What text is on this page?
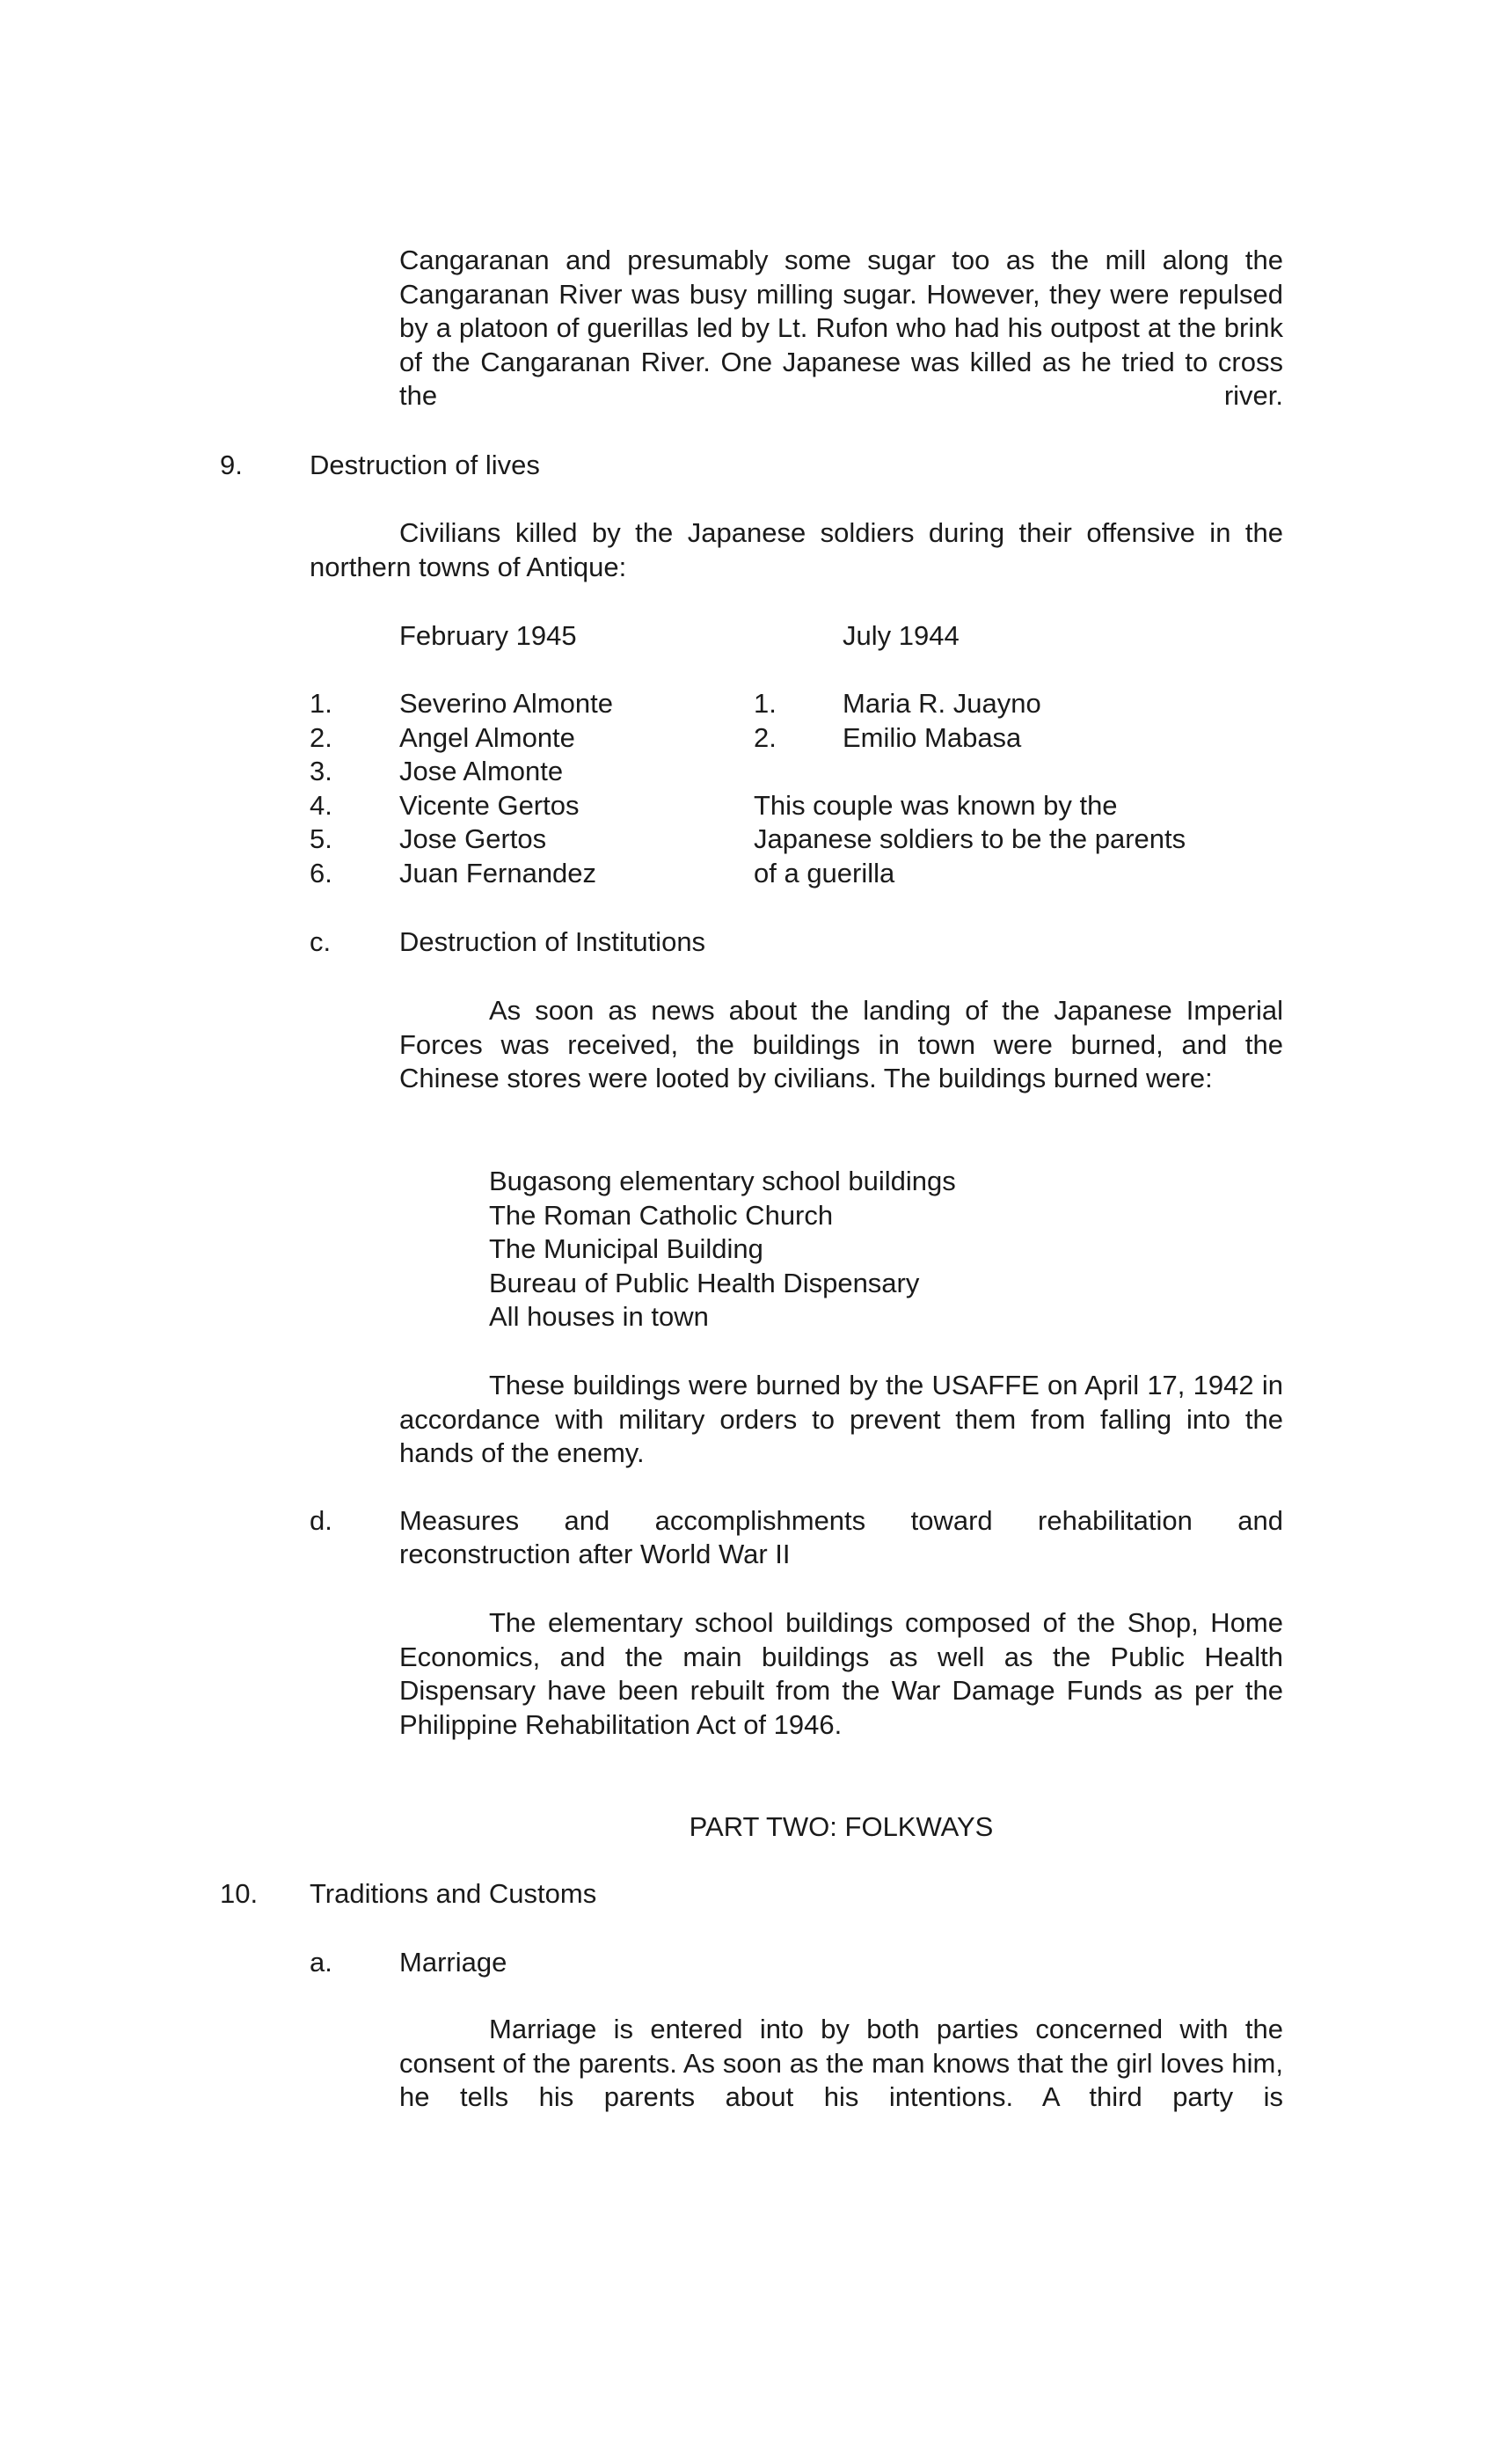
Cangaranan and presumably some sugar too as the mill along the Cangaranan River was busy milling sugar. However, they were repulsed by a platoon of guerillas led by Lt. Rufon who had his outpost at the brink of the Cangaranan River. One Japanese was killed as he tried to cross the river.
9. Destruction of lives
Civilians killed by the Japanese soldiers during their offensive in the northern towns of Antique:
February 1945	July 1944
1. Severino Almonte
2. Angel Almonte
3. Jose Almonte
4. Vicente Gertos
5. Jose Gertos
6. Juan Fernandez
1. Maria R. Juayno
2. Emilio Mabasa
This couple was known by the
Japanese soldiers to be the parents
of a guerilla
c.	Destruction of Institutions
As soon as news about the landing of the Japanese Imperial Forces was received, the buildings in town were burned, and the Chinese stores were looted by civilians. The buildings burned were:
Bugasong elementary school buildings
The Roman Catholic Church
The Municipal Building
Bureau of Public Health Dispensary
All houses in town
These buildings were burned by the USAFFE on April 17, 1942 in accordance with military orders to prevent them from falling into the hands of the enemy.
d. Measures and accomplishments toward rehabilitation and
reconstruction after World War II
The elementary school buildings composed of the Shop, Home Economics, and the main buildings as well as the Public Health Dispensary have been rebuilt from the War Damage Funds as per the Philippine Rehabilitation Act of 1946.
PART TWO: FOLKWAYS
10. Traditions and Customs
a. Marriage
Marriage is entered into by both parties concerned with the consent of the parents. As soon as the man knows that the girl loves him, he tells his parents about his intentions. A third party is
